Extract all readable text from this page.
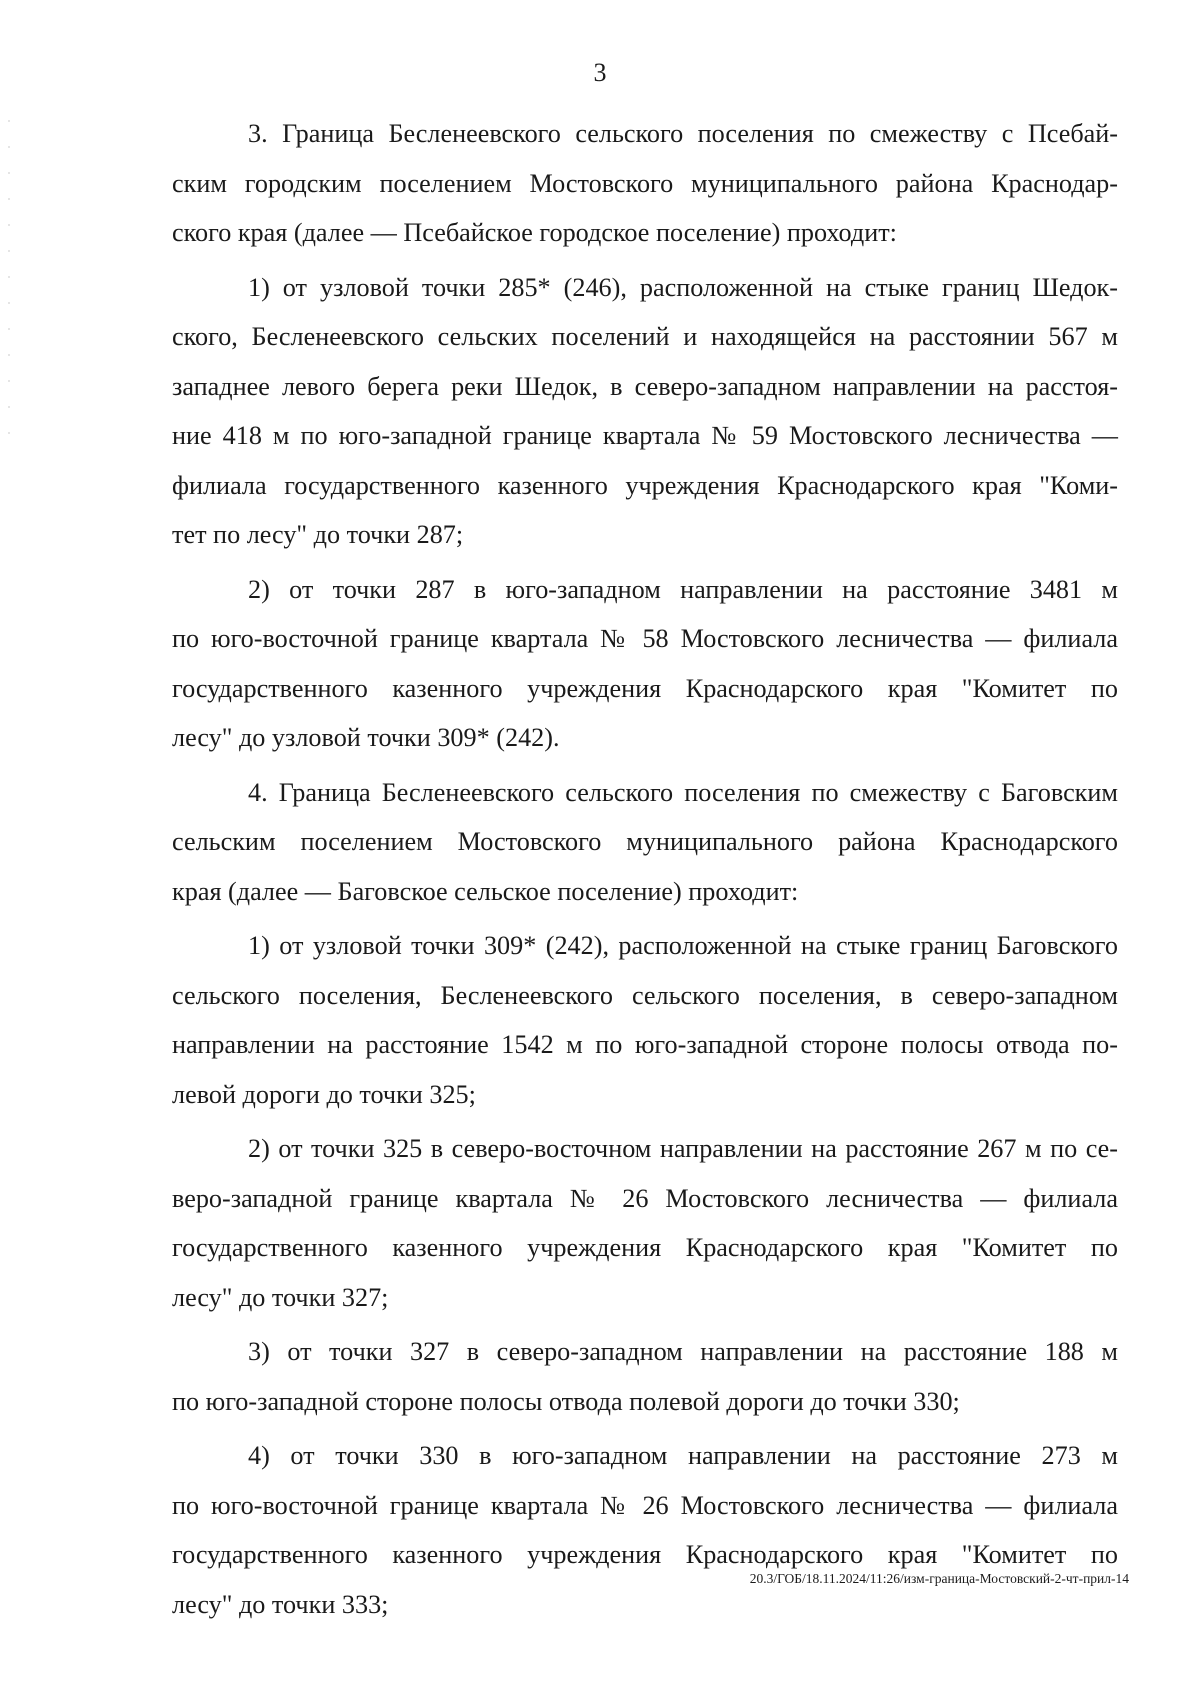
3
3. Граница Бесленеевского сельского поселения по смежеству с Псебай-
ским городским поселением Мостовского муниципального района Краснодар-
ского края (далее — Псебайское городское поселение) проходит:
1) от узловой точки 285* (246), расположенной на стыке границ Шедок-
ского, Бесленеевского сельских поселений и находящейся на расстоянии 567 м
западнее левого берега реки Шедок, в северо-западном направлении на расстоя-
ние 418 м по юго-западной границе квартала № 59 Мостовского лесничества —
филиала государственного казенного учреждения Краснодарского края "Коми-
тет по лесу" до точки 287;
2) от точки 287 в юго-западном направлении на расстояние 3481 м
по юго-восточной границе квартала № 58 Мостовского лесничества — филиала
государственного казенного учреждения Краснодарского края "Комитет по
лесу" до узловой точки 309* (242).
4. Граница Бесленеевского сельского поселения по смежеству с Баговским
сельским поселением Мостовского муниципального района Краснодарского
края (далее — Баговское сельское поселение) проходит:
1) от узловой точки 309* (242), расположенной на стыке границ Баговского
сельского поселения, Бесленеевского сельского поселения, в северо-западном
направлении на расстояние 1542 м по юго-западной стороне полосы отвода по-
левой дороги до точки 325;
2) от точки 325 в северо-восточном направлении на расстояние 267 м по се-
веро-западной границе квартала № 26 Мостовского лесничества — филиала
государственного казенного учреждения Краснодарского края "Комитет по
лесу" до точки 327;
3) от точки 327 в северо-западном направлении на расстояние 188 м
по юго-западной стороне полосы отвода полевой дороги до точки 330;
4) от точки 330 в юго-западном направлении на расстояние 273 м
по юго-восточной границе квартала № 26 Мостовского лесничества — филиала
государственного казенного учреждения Краснодарского края "Комитет по
лесу" до точки 333;
20.3/ГОБ/18.11.2024/11:26/изм-граница-Мостовский-2-чт-прил-14
